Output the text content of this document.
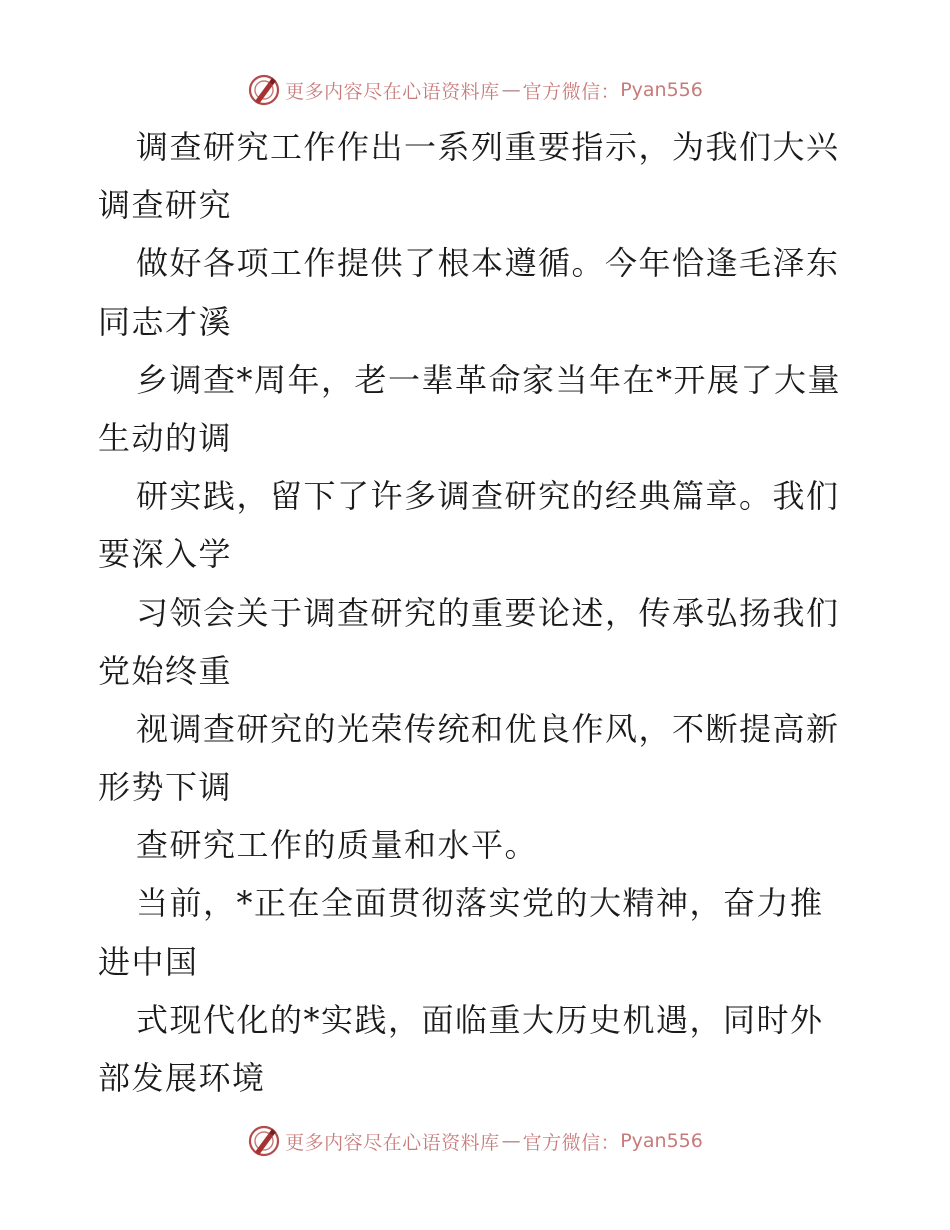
更多内容尽在心语资料库 — 官方微信： Pyan556
调查研究工作作出一系列重要指示，为我们大兴
调查研究
做好各项工作提供了根本遵循。今年恰逢毛泽东
同志才溪
乡调查*周年，老一辈革命家当年在*开展了大量
生动的调
研实践，留下了许多调查研究的经典篇章。我们
要深入学
习领会关于调查研究的重要论述，传承弘扬我们
党始终重
视调查研究的光荣传统和优良作风，不断提高新
形势下调
查研究工作的质量和水平。
当前，*正在全面贯彻落实党的大精神，奋力推
进中国
式现代化的*实践，面临重大历史机遇，同时外
部发展环境
更多内容尽在心语资料库 — 官方微信： Pyan556
